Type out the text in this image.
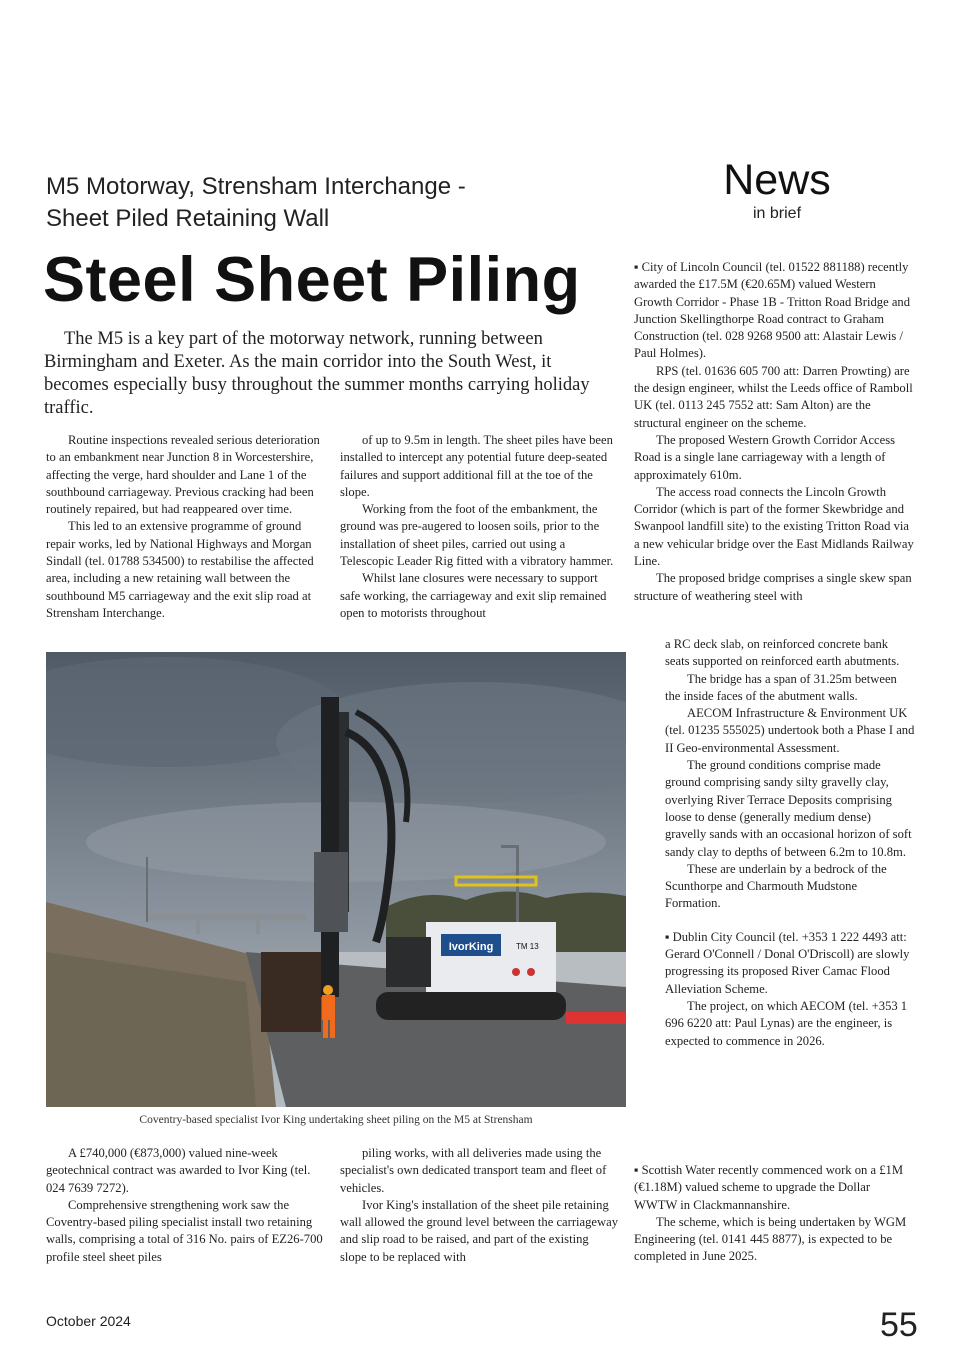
M5 Motorway, Strensham Interchange -
Sheet Piled Retaining Wall
Steel Sheet Piling
News
in brief

The M5 is a key part of the motorway network, running between Birmingham and Exeter. As the main corridor into the South West, it becomes especially busy throughout the summer months carrying holiday traffic.

Routine inspections revealed serious deterioration to an embankment near Junction 8 in Worcestershire, affecting the verge, hard shoulder and Lane 1 of the southbound carriageway. Previous cracking had been routinely repaired, but had reappeared over time.

This led to an extensive programme of ground repair works, led by National Highways and Morgan Sindall (tel. 01788 534500) to restabilise the affected area, including a new retaining wall between the southbound M5 carriageway and the exit slip road at Strensham Interchange.

of up to 9.5m in length. The sheet piles have been installed to intercept any potential future deep-seated failures and support additional fill at the toe of the slope.

Working from the foot of the embankment, the ground was pre-augered to loosen soils, prior to the installation of sheet piles, carried out using a Telescopic Leader Rig fitted with a vibratory hammer.

Whilst lane closures were necessary to support safe working, the carriageway and exit slip remained open to motorists throughout

IvorKing	TM 13
Coventry-based specialist Ivor King undertaking sheet piling on the M5 at Strensham

A £740,000 (€873,000) valued nine-week geotechnical contract was awarded to Ivor King (tel. 024 7639 7272).

Comprehensive strengthening work saw the Coventry-based piling specialist install two retaining walls, comprising a total of 316 No. pairs of EZ26-700 profile steel sheet piles

piling works, with all deliveries made using the specialist's own dedicated transport team and fleet of vehicles.

Ivor King's installation of the sheet pile retaining wall allowed the ground level between the carriageway and slip road to be raised, and part of the existing slope to be replaced with

▪ City of Lincoln Council (tel. 01522 881188) recently awarded the £17.5M (€20.65M) valued Western Growth Corridor - Phase 1B - Tritton Road Bridge and Junction Skellingthorpe Road contract to Graham Construction (tel. 028 9268 9500 att: Alastair Lewis / Paul Holmes).

RPS (tel. 01636 605 700 att: Darren Prowting) are the design engineer, whilst the Leeds office of Ramboll UK (tel. 0113 245 7552 att: Sam Alton) are the structural engineer on the scheme.

The proposed Western Growth Corridor Access Road is a single lane carriageway with a length of approximately 610m.

The access road connects the Lincoln Growth Corridor (which is part of the former Skewbridge and Swanpool landfill site) to the existing Tritton Road via a new vehicular bridge over the East Midlands Railway Line.

The proposed bridge comprises a single skew span structure of weathering steel with

a RC deck slab, on reinforced concrete bank seats supported on reinforced earth abutments.

The bridge has a span of 31.25m between the inside faces of the abutment walls.

AECOM Infrastructure & Environment UK (tel. 01235 555025) undertook both a Phase I and II Geo-environmental Assessment.

The ground conditions comprise made ground comprising sandy silty gravelly clay, overlying River Terrace Deposits comprising loose to dense (generally medium dense) gravelly sands with an occasional horizon of soft sandy clay to depths of between 6.2m to 10.8m.

These are underlain by a bedrock of the Scunthorpe and Charmouth Mudstone Formation.

▪ Dublin City Council (tel. +353 1 222 4493 att: Gerard O'Connell / Donal O'Driscoll) are slowly progressing its proposed River Camac Flood Alleviation Scheme.

The project, on which AECOM (tel. +353 1 696 6220 att: Paul Lynas) are the engineer, is expected to commence in 2026.

▪ Scottish Water recently commenced work on a £1M (€1.18M) valued scheme to upgrade the Dollar WWTW in Clackmannanshire.

The scheme, which is being undertaken by WGM Engineering (tel. 0141 445 8877), is expected to be completed in June 2025.

October 2024	55
